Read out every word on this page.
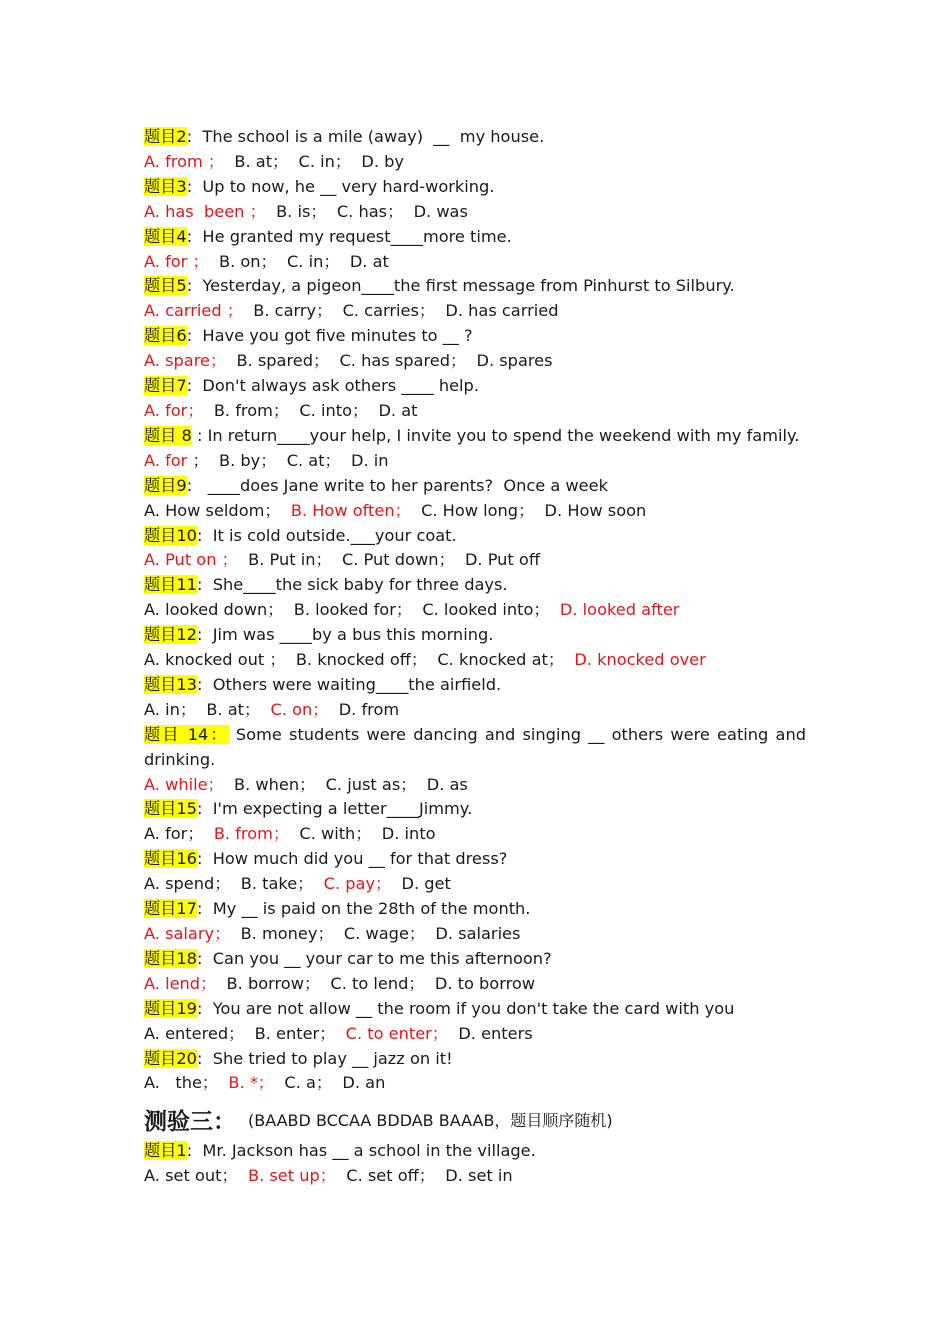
题目2:  The school is a mile (away)  __  my house.
A. from ；  B. at；  C. in；  D. by
题目3:  Up to now, he __ very hard-working.
A. has  been ；  B. is；  C. has；  D. was
题目4:  He granted my request____more time.
A. for ；  B. on；  C. in；  D. at
题目5:  Yesterday, a pigeon____the first message from Pinhurst to Silbury.
A. carried ；  B. carry；  C. carries；  D. has carried
题目6:  Have you got five minutes to __ ?
A. spare；  B. spared；  C. has spared；  D. spares
题目7:  Don't always ask others ____ help.
A. for；  B. from；  C. into；  D. at
题目 8 : In return____your help, I invite you to spend the weekend with my family.
A. for ；  B. by；  C. at；  D. in
题目9:   ____does Jane write to her parents?  Once a week
A. How seldom；  B. How often；  C. How long；  D. How soon
题目10:  It is cold outside.___your coat.
A. Put on ；  B. Put in；  C. Put down；  D. Put off
题目11:  She____the sick baby for three days.
A. looked down；  B. looked for；  C. looked into；  D. looked after
题目12:  Jim was ____by a bus this morning.
A. knocked out ；  B. knocked off；  C. knocked at；  D. knocked over
题目13:  Others were waiting____the airfield.
A. in；  B. at；  C. on；  D. from
题目 14： Some students were dancing and singing __ others were eating and drinking.
A. while；  B. when；  C. just as；  D. as
题目15:  I'm expecting a letter____Jimmy.
A. for；  B. from；  C. with；  D. into
题目16:  How much did you __ for that dress?
A. spend；  B. take；  C. pay；  D. get
题目17:  My __ is paid on the 28th of the month.
A. salary；  B. money；  C. wage；  D. salaries
题目18:  Can you __ your car to me this afternoon?
A. lend；  B. borrow；  C. to lend；  D. to borrow
题目19:  You are not allow __ the room if you don't take the card with you
A. entered；  B. enter；  C. to enter；  D. enters
题目20:  She tried to play __ jazz on it!
A.   the；  B. *；  C. a；  D. an
测验三： (BAABD BCCAA BDDAB BAAAB，题目顺序随机)
题目1:  Mr. Jackson has __ a school in the village.
A. set out；  B. set up；  C. set off；  D. set in
